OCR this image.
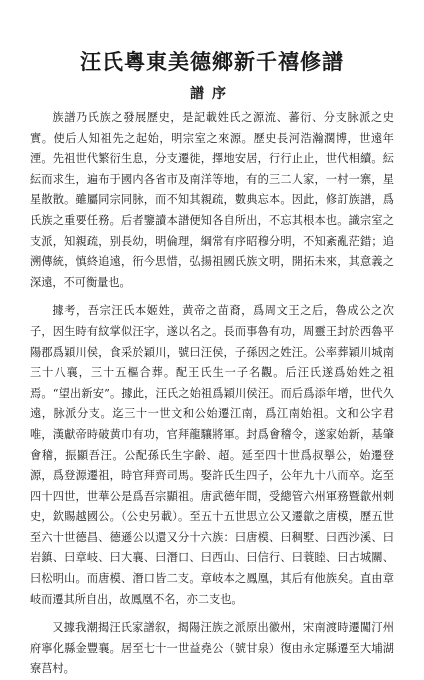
汪氏粵東美德鄉新千禧修譜
譜序

族譜乃氏族之發展歷史，是記載姓氏之源流、蕃衍、分支脉派之史實。使后人知祖先之起始，明宗室之來源。歷史長河浩瀚濶博，世遠年湮。先祖世代繁衍生息，分支遷徙，擇地安居，行行止止，世代相續。紜紜而求生，遍布于國内各省市及南洋等地，有的三二人家，一村一寨，星星散散。雖屬同宗同脉，而不知其親疏，數典忘本。因此，修訂族譜，爲氏族之重要任務。后者鑒讀本譜便知各自所出，不忘其根本也。識宗室之支派，知親疏，别長幼，明倫理，綱常有序昭穆分明，不知紊亂茫錯；追溯傳統，慎終追遠，衎今思惜，弘揚祖國氏族文明，開拓未來，其意義之深遠，不可衡量也。

據考，吾宗汪氏本姬姓，黄帝之苗裔，爲周文王之后，魯成公之次子，因生時有紋掌似汪字，遂以名之。長而事魯有功，周靈王封於西魯平陽郡爲穎川侯，食采於穎川，號曰汪侯，子孫因之姓汪。公率葬穎川城南三十八襄，三十五樞合葬。配王氏生一子名觀。后汪氏遂爲始姓之祖焉。“望出新安”。據此，汪氏之始祖爲穎川侯汪。而后爲添年增，世代久遠，脉派分支。迄三十一世文和公始遷江南，爲江南始祖。文和公字君唯，漢獻帝時破黄巾有功，官拜龍驤將軍。封爲會稽令，遂家始新，基肇會稽，振顯吾汪。公配孫氏生字齡、超。延至四十世爲叔擧公，始遷登源，爲登源遷祖，時官拜齊司馬。娶許氏生四子，公年九十八而卒。迄至四十四世，世華公是爲吾宗顯祖。唐武德年間，受總管六州軍務暨歙州刺史，欽賜越國公。（公史另載）。至五十五世思立公又遷歙之唐模，歷五世至六十世德昌、德遜公以還又分十六族：曰唐模、曰稠墅、曰西沙溪、曰岩鎮、曰章岐、曰大襄、曰潛口、曰西山、曰信行、曰蓑睦、曰古城關、曰松明山。而唐模、潛口皆二支。章岐本之鳳凰，其后有他族矣。直由章岐而遷其所自出，故鳳凰不名，亦二支也。

又據我潮揭汪氏家譜叙，揭陽汪族之派原出徽州，宋南渡時遷闖汀州府寧化縣金豐襄。居至七十一世益堯公（號甘泉）復由永定縣遷至大埔湖寮莒村。
